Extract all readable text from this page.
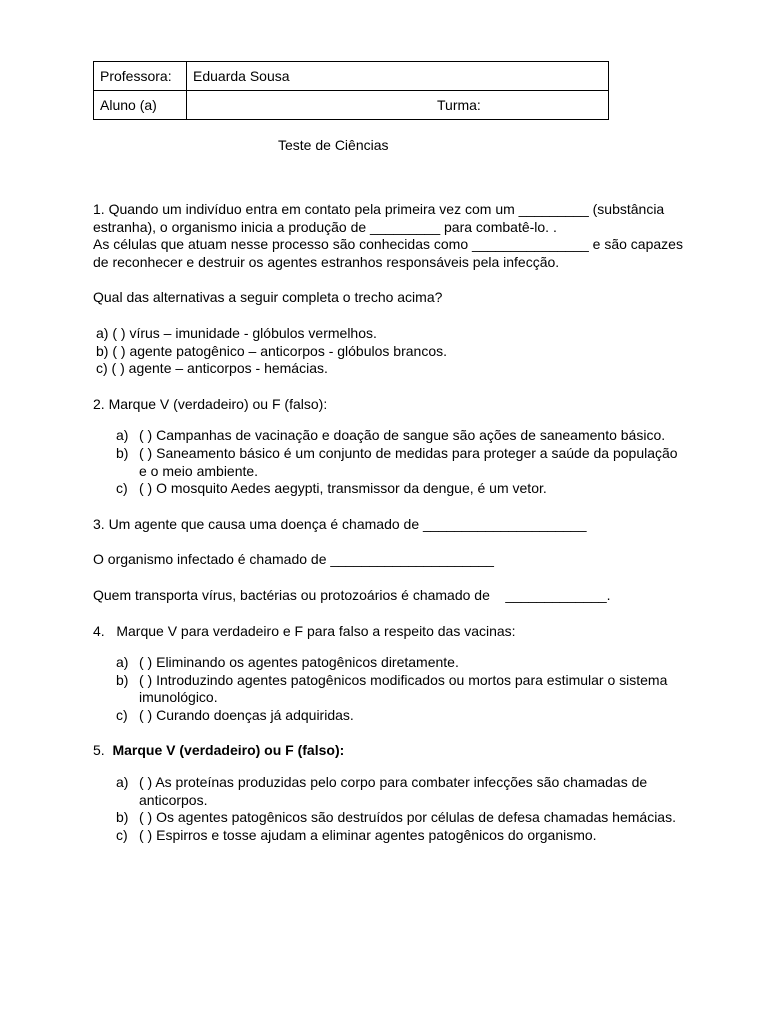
Professora:	Eduarda Sousa
Aluno (a)	Turma:
Teste de Ciências

1. Quando um indivíduo entra em contato pela primeira vez com um _________ (substância estranha), o organismo inicia a produção de _________ para combatê-lo. .

As células que atuam nesse processo são conhecidas como _______________ e são capazes de reconhecer e destruir os agentes estranhos responsáveis pela infecção.

Qual das alternativas a seguir completa o trecho acima?

a) ( ) vírus – imunidade - glóbulos vermelhos.

b) ( ) agente patogênico – anticorpos - glóbulos brancos.

c) ( ) agente – anticorpos - hemácias.

2. Marque V (verdadeiro) ou F (falso):

a) ( ) Campanhas de vacinação e doação de sangue são ações de saneamento básico.
b) ( ) Saneamento básico é um conjunto de medidas para proteger a saúde da população e o meio ambiente.
c) ( ) O mosquito Aedes aegypti, transmissor da dengue, é um vetor.

3. Um agente que causa uma doença é chamado de _____________________

O organismo infectado é chamado de _____________________

Quem transporta vírus, bactérias ou protozoários é chamado de    _____________.

4.   Marque V para verdadeiro e F para falso a respeito das vacinas:

a) ( ) Eliminando os agentes patogênicos diretamente.
b) ( ) Introduzindo agentes patogênicos modificados ou mortos para estimular o sistema imunológico.
c) ( ) Curando doenças já adquiridas.

5. Marque V (verdadeiro) ou F (falso):

a) ( ) As proteínas produzidas pelo corpo para combater infecções são chamadas de anticorpos.
b) ( ) Os agentes patogênicos são destruídos por células de defesa chamadas hemácias.
c) ( ) Espirros e tosse ajudam a eliminar agentes patogênicos do organismo.
